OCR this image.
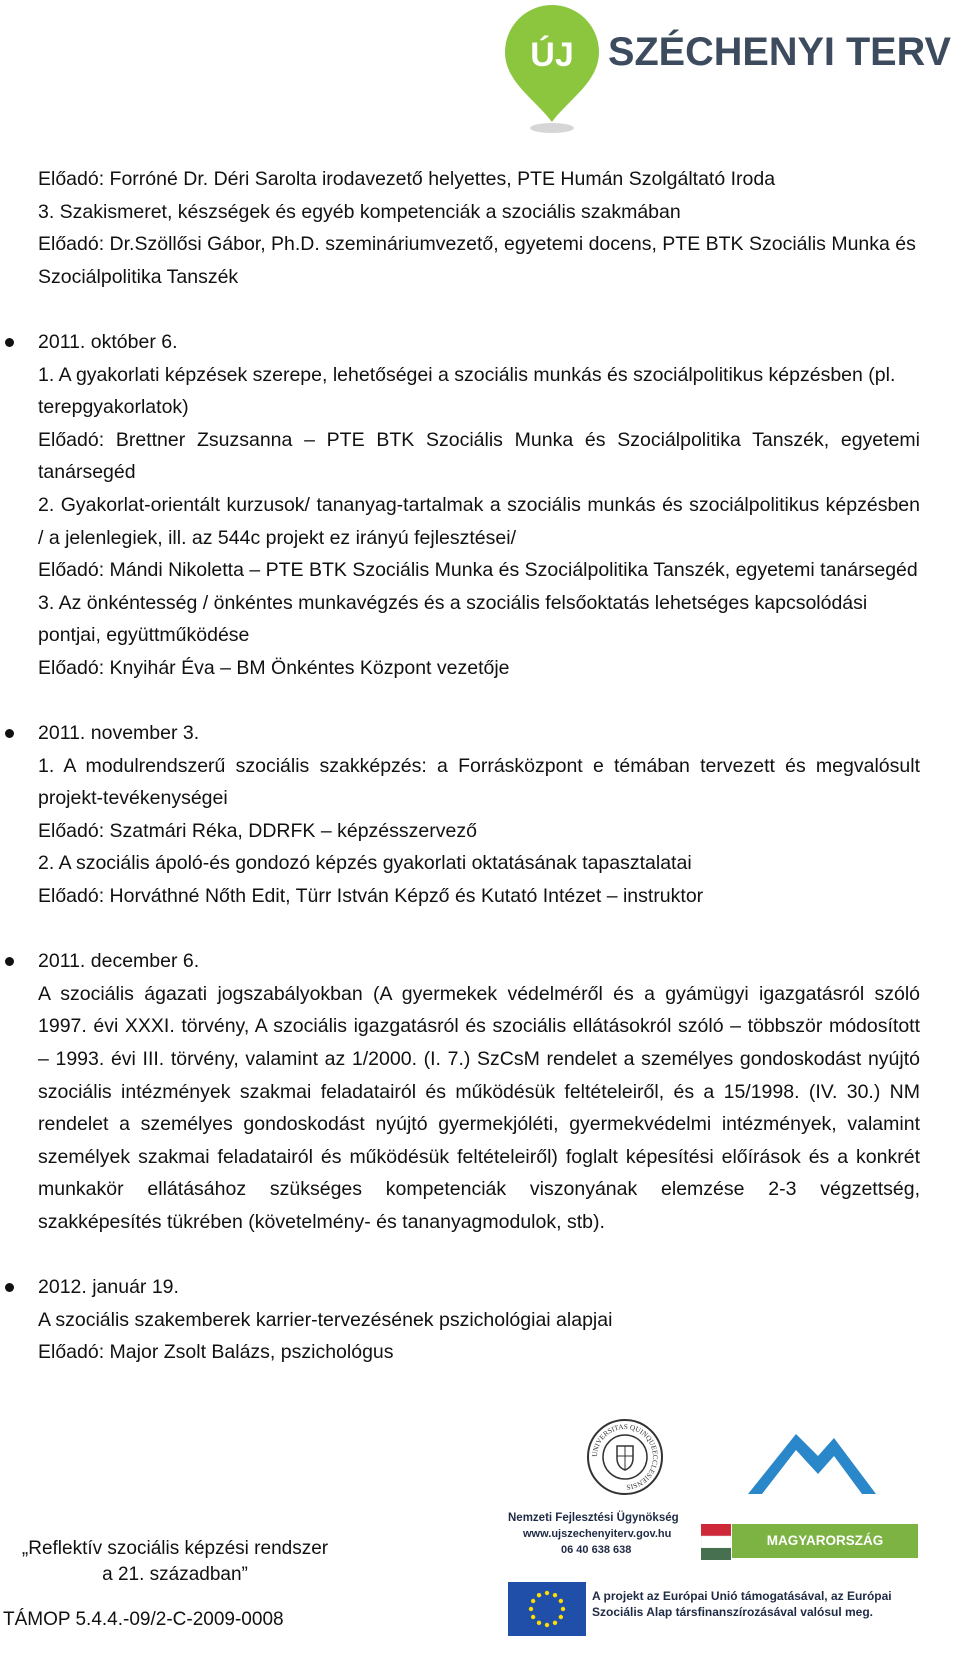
ÚJ SZÉCHENYI TERV

Előadó: Forróné Dr. Déri Sarolta irodavezető helyettes, PTE Humán Szolgáltató Iroda

3. Szakismeret, készségek és egyéb kompetenciák a szociális szakmában

Előadó: Dr.Szöllősi Gábor, Ph.D. szemináriumvezető, egyetemi docens, PTE BTK Szociális Munka és Szociálpolitika Tanszék

2011. október 6.

1. A gyakorlati képzések szerepe, lehetőségei a szociális munkás és szociálpolitikus képzésben (pl. terepgyakorlatok)

Előadó: Brettner Zsuzsanna – PTE BTK Szociális Munka és Szociálpolitika Tanszék, egyetemi tanársegéd

2. Gyakorlat-orientált kurzusok/ tananyag-tartalmak a szociális munkás és szociálpolitikus képzésben / a jelenlegiek, ill. az 544c projekt ez irányú fejlesztései/

Előadó: Mándi Nikoletta – PTE BTK Szociális Munka és Szociálpolitika Tanszék, egyetemi tanársegéd

3. Az önkéntesség / önkéntes munkavégzés és a szociális felsőoktatás lehetséges kapcsolódási pontjai, együttműködése

Előadó: Knyihár Éva – BM Önkéntes Központ vezetője

2011. november 3.

1. A modulrendszerű szociális szakképzés: a Forrásközpont e témában tervezett és megvalósult projekt-tevékenységei

Előadó: Szatmári Réka, DDRFK – képzésszervező

2. A szociális ápoló-és gondozó képzés gyakorlati oktatásának tapasztalatai

Előadó: Horváthné Nőth Edit, Türr István Képző és Kutató Intézet – instruktor

2011. december 6.

A szociális ágazati jogszabályokban (A gyermekek védelméről és a gyámügyi igazgatásról szóló 1997. évi XXXI. törvény, A szociális igazgatásról és szociális ellátásokról szóló – többször módosított – 1993. évi III. törvény, valamint az 1/2000. (I. 7.) SzCsM rendelet a személyes gondoskodást nyújtó szociális intézmények szakmai feladatairól és működésük feltételeiről, és a 15/1998. (IV. 30.) NM rendelet a személyes gondoskodást nyújtó gyermekjóléti, gyermekvédelmi intézmények, valamint személyek szakmai feladatairól és működésük feltételeiről) foglalt képesítési előírások és a konkrét munkakör ellátásához szükséges kompetenciák viszonyának elemzése 2-3 végzettség, szakképesítés tükrében (követelmény- és tananyagmodulok, stb).

2012. január 19.

A szociális szakemberek karrier-tervezésének pszichológiai alapjai

Előadó: Major Zsolt Balázs, pszichológus

UNIVERSITAS QUINQUEECCLESIENSIS
„Reflektív szociális képzési rendszer
a 21. században”
TÁMOP 5.4.4.-09/2-C-2009-0008
Nemzeti Fejlesztési Ügynökség
www.ujszechenyiterv.gov.hu
06 40 638 638
MAGYARORSZÁG MEGÚJUL
A projekt az Európai Unió támogatásával, az Európai
Szociális Alap társfinanszírozásával valósul meg.
